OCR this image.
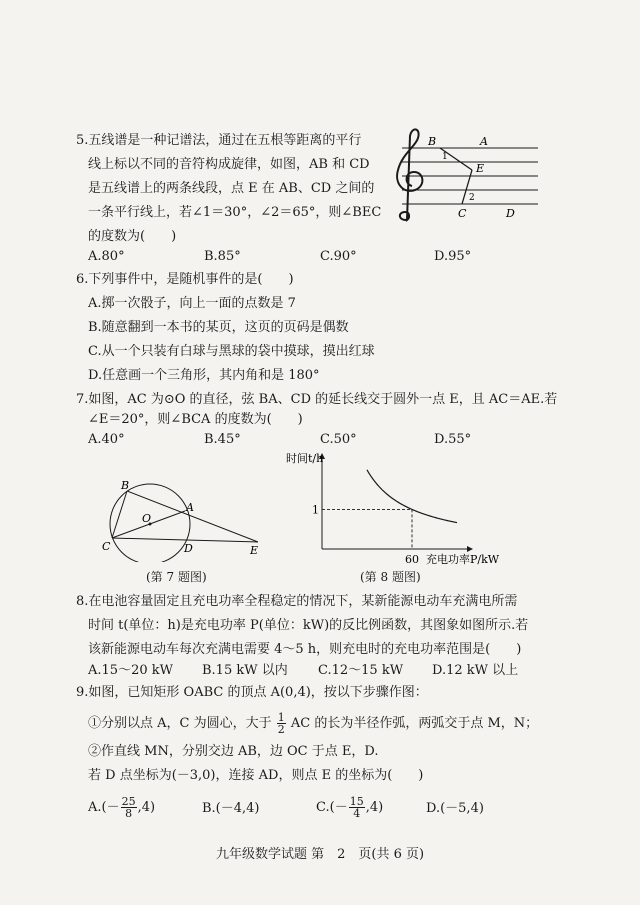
5.五线谱是一种记谱法，通过在五根等距离的平行
线上标以不同的音符构成旋律，如图，AB 和 CD
是五线谱上的两条线段，点 E 在 AB、CD 之间的
一条平行线上，若∠1＝30°，∠2＝65°，则∠BEC
的度数为(　　)
A.80°	B.85°	C.90°	D.95°
B	A
E
C	D
1
2
6.下列事件中，是随机事件的是(　　)
A.掷一次骰子，向上一面的点数是 7
B.随意翻到一本书的某页，这页的页码是偶数
C.从一个只装有白球与黑球的袋中摸球，摸出红球
D.任意画一个三角形，其内角和是 180°
7.如图，AC 为⊙O 的直径，弦 BA、CD 的延长线交于圆外一点 E，且 AC＝AE.若
∠E＝20°，则∠BCA 的度数为(　　)
A.40°	B.45°	C.50°	D.55°
B
A
O
C	D	E
(第 7 题图)
时间t/h
充电功率P/kW
1
60
(第 8 题图)
8.在电池容量固定且充电功率全程稳定的情况下，某新能源电动车充满电所需
时间 t(单位：h)是充电功率 P(单位：kW)的反比例函数，其图象如图所示.若
该新能源电动车每次充满电需要 4～5 h，则充电时的充电功率范围是(　　)
A.15～20 kW B.15 kW 以内 C.12～15 kW D.12 kW 以上
9.如图，已知矩形 OABC 的顶点 A(0,4)，按以下步骤作图：
①分别以点 A，C 为圆心，大于 $\frac{1}{2}$ AC 的长为半径作弧，两弧交于点 M，N；
②作直线 MN，分别交边 AB，边 OC 于点 E，D.
若 D 点坐标为(－3,0)，连接 AD，则点 E 的坐标为(　　)
$A.(- \frac{25}{8} ,4)$	B.(－4,4)	$C.(- \frac{15}{4} ,4)$	D.(－5,4)
九年级数学试题 第　2　页(共 6 页)
